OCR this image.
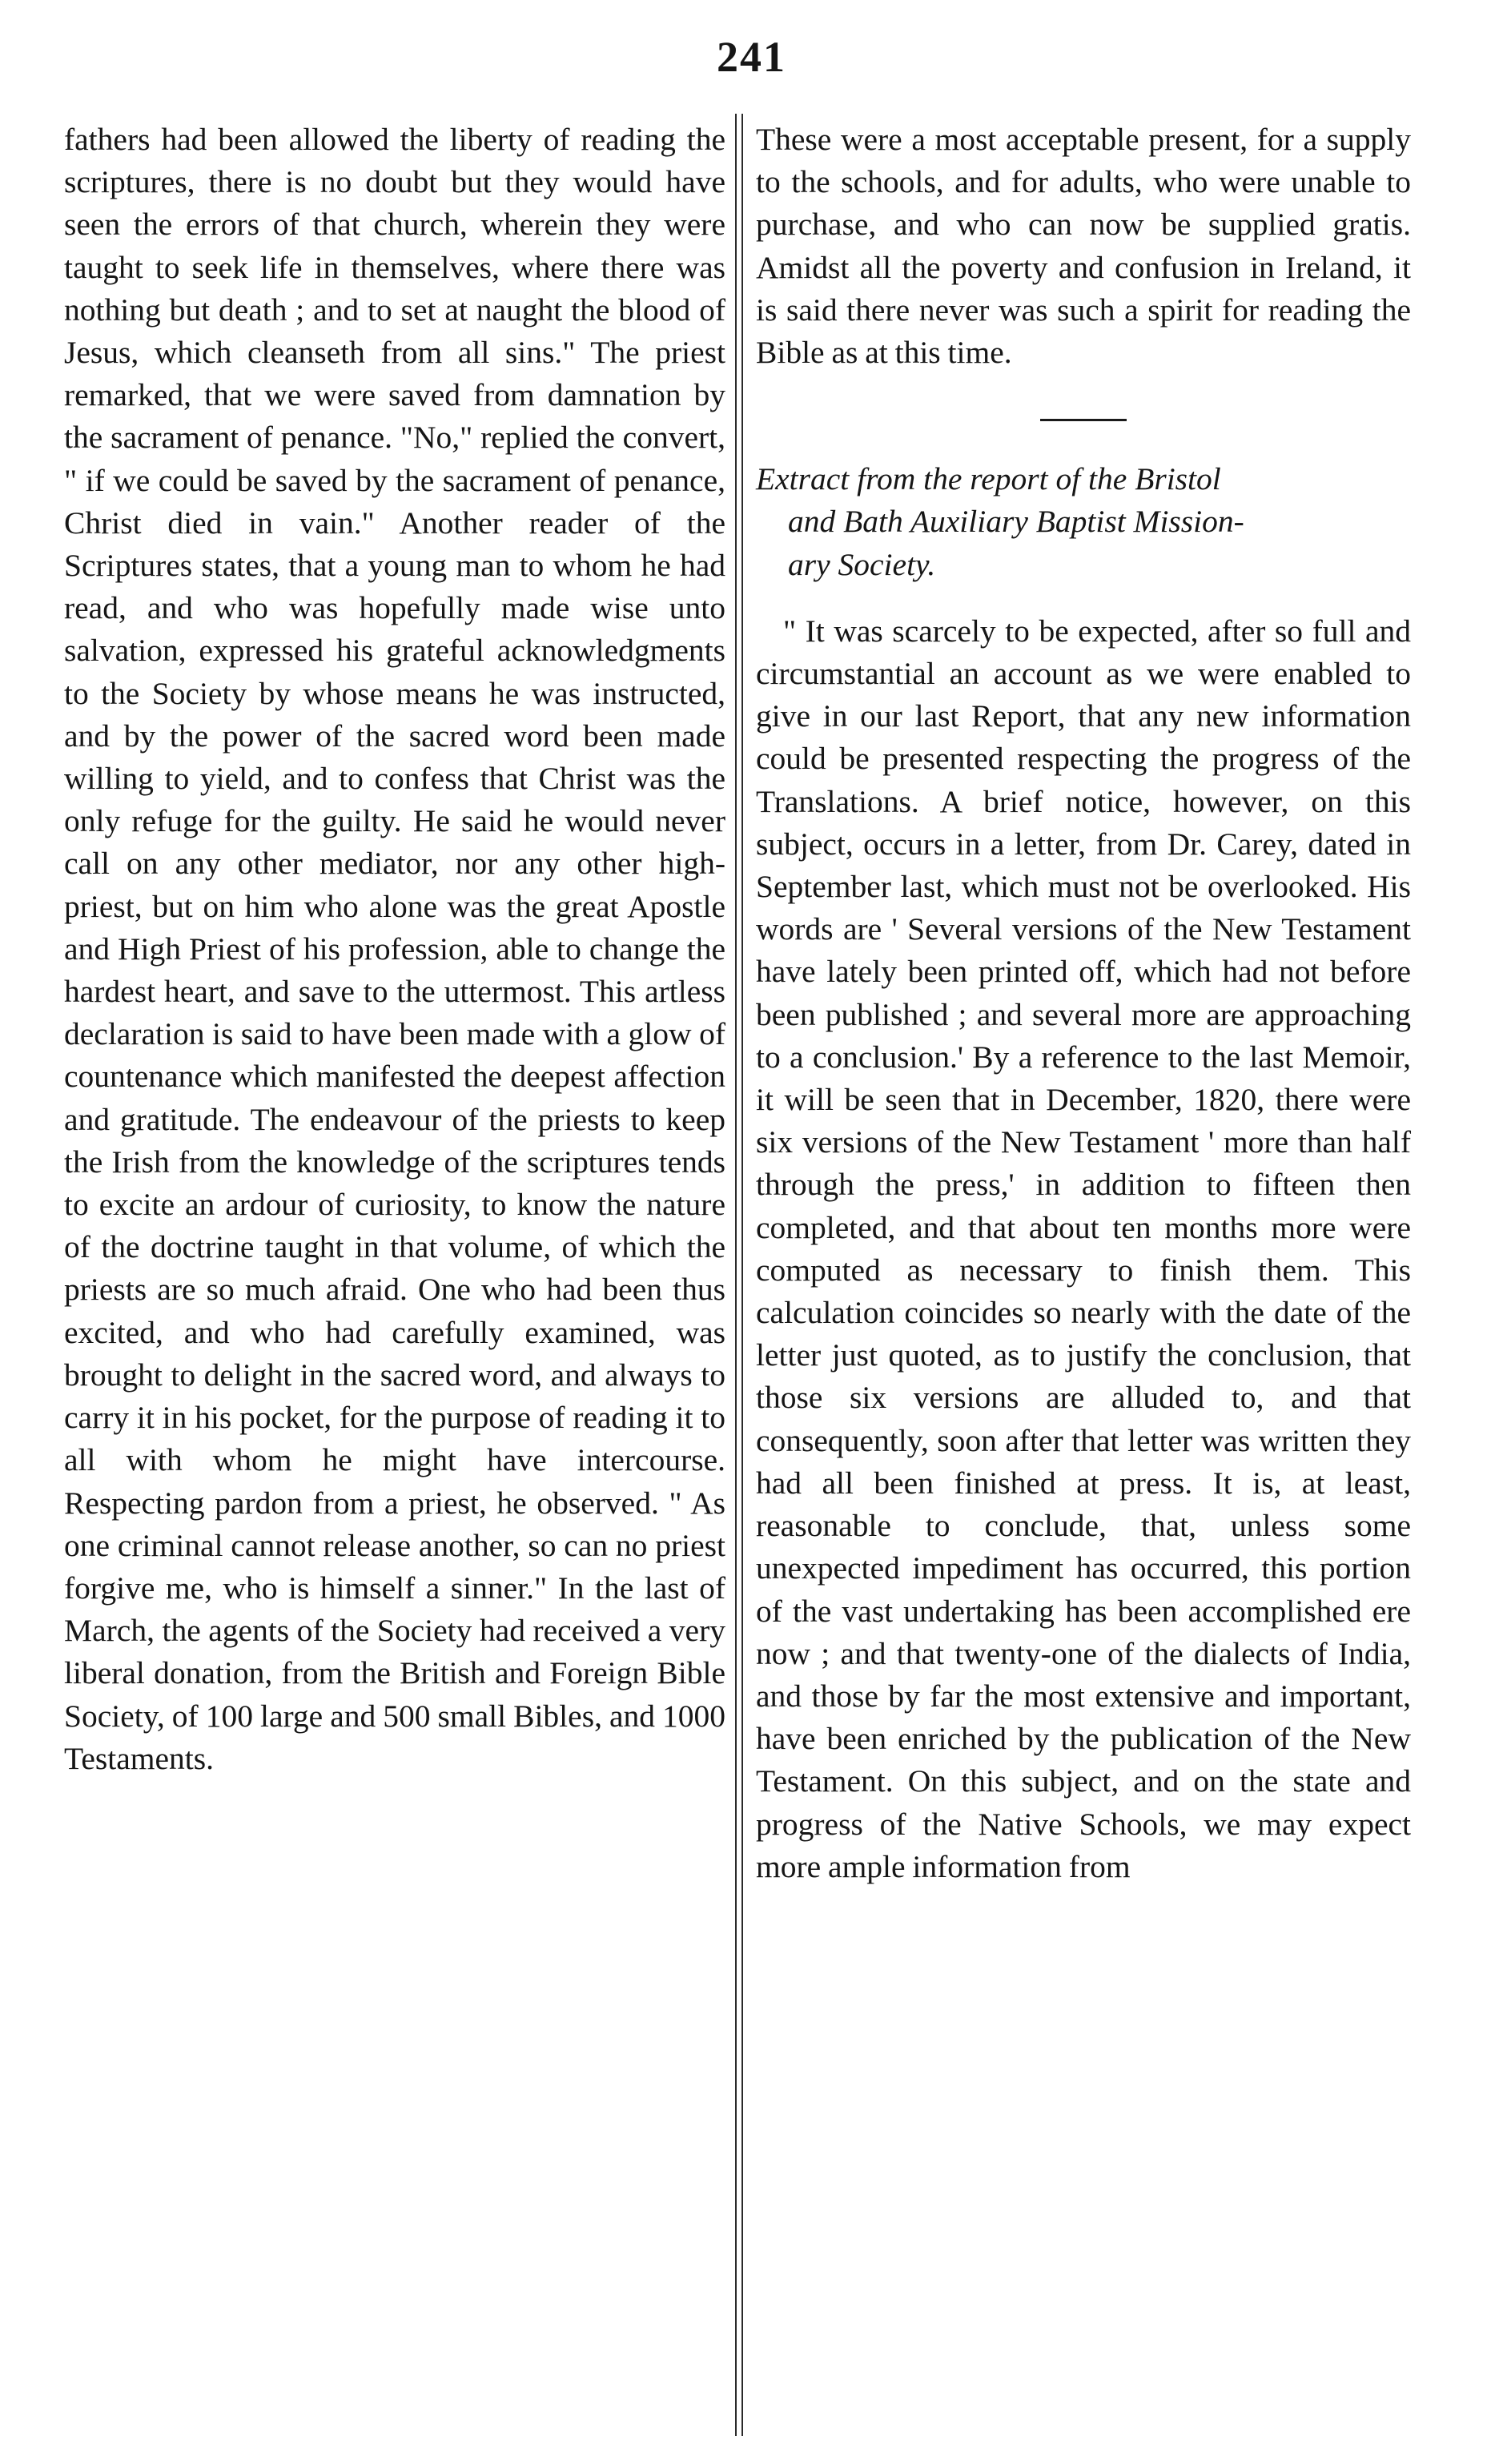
241

fathers had been allowed the liberty of reading the scriptures, there is no doubt but they would have seen the errors of that church, wherein they were taught to seek life in themselves, where there was nothing but death ; and to set at naught the blood of Jesus, which cleanseth from all sins." The priest remarked, that we were saved from damnation by the sacrament of penance. "No," replied the convert, " if we could be saved by the sacrament of penance, Christ died in vain." Another reader of the Scriptures states, that a young man to whom he had read, and who was hopefully made wise unto salvation, expressed his grateful acknowledgments to the Society by whose means he was instructed, and by the power of the sacred word been made willing to yield, and to confess that Christ was the only refuge for the guilty. He said he would never call on any other mediator, nor any other high-priest, but on him who alone was the great Apostle and High Priest of his profession, able to change the hardest heart, and save to the uttermost. This artless declaration is said to have been made with a glow of countenance which manifested the deepest affection and gratitude. The endeavour of the priests to keep the Irish from the knowledge of the scriptures tends to excite an ardour of curiosity, to know the nature of the doctrine taught in that volume, of which the priests are so much afraid. One who had been thus excited, and who had carefully examined, was brought to delight in the sacred word, and always to carry it in his pocket, for the purpose of reading it to all with whom he might have intercourse. Respecting pardon from a priest, he observed. " As one criminal cannot release another, so can no priest forgive me, who is himself a sinner." In the last of March, the agents of the Society had received a very liberal donation, from the British and Foreign Bible Society, of 100 large and 500 small Bibles, and 1000 Testaments.

These were a most acceptable present, for a supply to the schools, and for adults, who were unable to purchase, and who can now be supplied gratis. Amidst all the poverty and confusion in Ireland, it is said there never was such a spirit for reading the Bible as at this time.

Extract from the report of the Bristol
and Bath Auxiliary Baptist Mission-
ary Society.

" It was scarcely to be expected, after so full and circumstantial an account as we were enabled to give in our last Report, that any new information could be presented respecting the progress of the Translations. A brief notice, however, on this subject, occurs in a letter, from Dr. Carey, dated in September last, which must not be overlooked. His words are ' Several versions of the New Testament have lately been printed off, which had not before been published ; and several more are approaching to a conclusion.' By a reference to the last Memoir, it will be seen that in December, 1820, there were six versions of the New Testament ' more than half through the press,' in addition to fifteen then completed, and that about ten months more were computed as necessary to finish them. This calculation coincides so nearly with the date of the letter just quoted, as to justify the conclusion, that those six versions are alluded to, and that consequently, soon after that letter was written they had all been finished at press. It is, at least, reasonable to conclude, that, unless some unexpected impediment has occurred, this portion of the vast undertaking has been accomplished ere now ; and that twenty-one of the dialects of India, and those by far the most extensive and important, have been enriched by the publication of the New Testament. On this subject, and on the state and progress of the Native Schools, we may expect more ample information from
